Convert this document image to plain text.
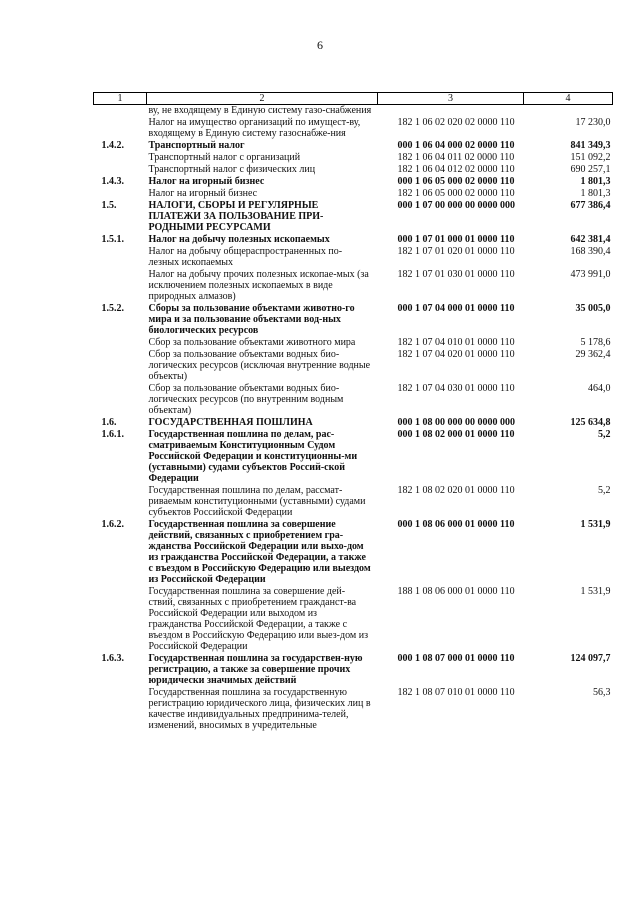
6
1	2	3	4
	ву, не входящему в Единую систему газо-снабжения		
	Налог на имущество организаций по имущест-ву, входящему в Единую систему газоснабже-ния	182 1 06 02 020 02 0000 110	17 230,0
1.4.2.	Транспортный налог	000 1 06 04 000 02 0000 110	841 349,3
	Транспортный налог с организаций	182 1 06 04 011 02 0000 110	151 092,2
	Транспортный налог с физических лиц	182 1 06 04 012 02 0000 110	690 257,1
1.4.3.	Налог на игорный бизнес	000 1 06 05 000 02 0000 110	1 801,3
	Налог на игорный бизнес	182 1 06 05 000 02 0000 110	1 801,3
1.5.	НАЛОГИ, СБОРЫ И РЕГУЛЯРНЫЕ ПЛАТЕЖИ ЗА ПОЛЬЗОВАНИЕ ПРИ-РОДНЫМИ РЕСУРСАМИ	000 1 07 00 000 00 0000 000	677 386,4
1.5.1.	Налог на добычу полезных ископаемых	000 1 07 01 000 01 0000 110	642 381,4
	Налог на добычу общераспространенных по-лезных ископаемых	182 1 07 01 020 01 0000 110	168 390,4
	Налог на добычу прочих полезных ископае-мых (за исключением полезных ископаемых в виде природных алмазов)	182 1 07 01 030 01 0000 110	473 991,0
1.5.2.	Сборы за пользование объектами животно-го мира и за пользование объектами вод-ных биологических ресурсов	000 1 07 04 000 01 0000 110	35 005,0
	Сбор за пользование объектами животного мира	182 1 07 04 010 01 0000 110	5 178,6
	Сбор за пользование объектами водных био-логических ресурсов (исключая внутренние водные объекты)	182 1 07 04 020 01 0000 110	29 362,4
	Сбор за пользование объектами водных био-логических ресурсов (по внутренним водным объектам)	182 1 07 04 030 01 0000 110	464,0
1.6.	ГОСУДАРСТВЕННАЯ ПОШЛИНА	000 1 08 00 000 00 0000 000	125 634,8
1.6.1.	Государственная пошлина по делам, рас-сматриваемым Конституционным Судом Российской Федерации и конституционны-ми (уставными) судами субъектов Россий-ской Федерации	000 1 08 02 000 01 0000 110	5,2
	Государственная пошлина по делам, рассмат-риваемым конституционными (уставными) судами субъектов Российской Федерации	182 1 08 02 020 01 0000 110	5,2
1.6.2.	Государственная пошлина за совершение действий, связанных с приобретением гра-жданства Российской Федерации или выхо-дом из гражданства Российской Федерации, а также с въездом в Российскую Федерацию или выездом из Российской Федерации	000 1 08 06 000 01 0000 110	1 531,9
	Государственная пошлина за совершение дей-ствий, связанных с приобретением гражданст-ва Российской Федерации или выходом из гражданства Российской Федерации, а также с въездом в Российскую Федерацию или выез-дом из Российской Федерации	188 1 08 06 000 01 0000 110	1 531,9
1.6.3.	Государственная пошлина за государствен-ную регистрацию, а также за совершение прочих юридически значимых действий	000 1 08 07 000 01 0000 110	124 097,7
	Государственная пошлина за государственную регистрацию юридического лица, физических лиц в качестве индивидуальных предпринима-телей, изменений, вносимых в учредительные	182 1 08 07 010 01 0000 110	56,3
